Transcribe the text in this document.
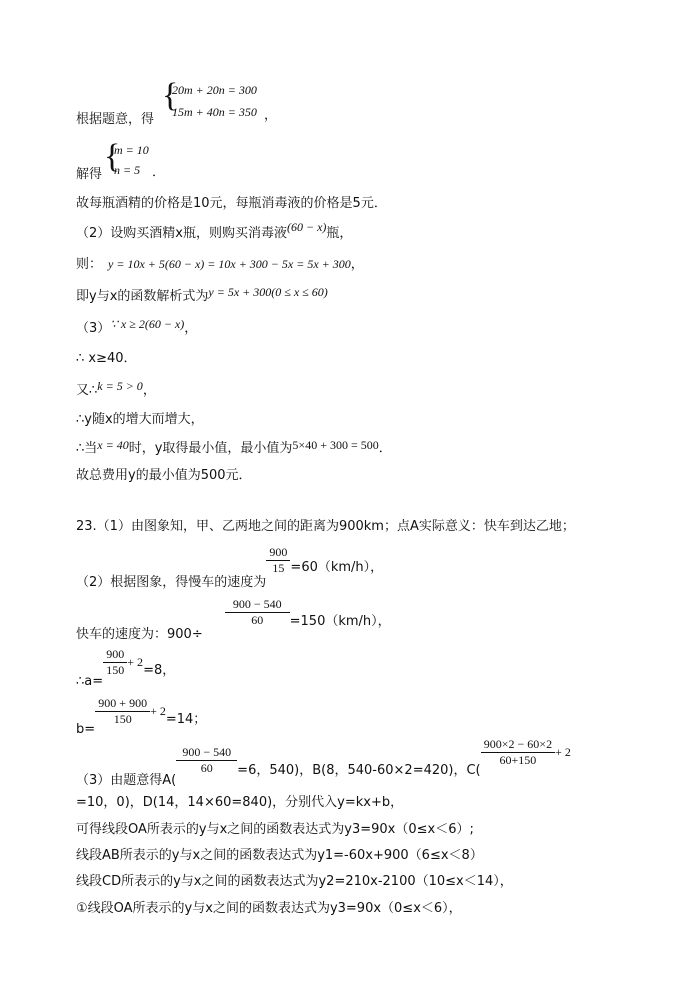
{
20m + 20n = 300
15m + 40n = 350
根据题意，得	，
{
m = 10
n = 5
解得	．
故每瓶酒精的价格是10元，每瓶消毒液的价格是5元．
（2）设购买酒精x瓶，则购买消毒液(60 − x)瓶，
则： y = 10x + 5(60 − x) = 10x + 300 − 5x = 5x + 300，
即y与x的函数解析式为y = 5x + 300(0 ≤ x ≤ 60)
（3）∵ x ≥ 2(60 − x)，
∴ x≥40．
又∴k = 5 > 0，
∴y随x的增大而增大，
∴当x = 40时，y取得最小值，最小值为5×40 + 300 = 500．
故总费用y的最小值为500元．
23.（1）由图象知，甲、乙两地之间的距离为900km；点A实际意义：快车到达乙地；
（2）根据图象，得慢车的速度为
$\frac{900}{15} =60(km/h)$，
快车的速度为：900÷
$\frac{900 - 540}{60} =150(km/h)$，
∴a=
$\frac{900}{150} + 2=8$，
b=
$\frac{900 + 900}{150} + 2=14$；
（3）由题意得A(
$\frac{900 - 540}{60} =6$，540)，B(8，540-60×2=420)，C(
$\frac{900\times 2 - 60\times 2}{60+150} + 2$
=10，0)，D(14，14×60=840)，分别代入y=kx+b，
可得线段OA所表示的y与x之间的函数表达式为y3=90x（0≤x＜6）;
线段AB所表示的y与x之间的函数表达式为y1=-60x+900（6≤x＜8）
线段CD所表示的y与x之间的函数表达式为y2=210x-2100（10≤x＜14），
①线段OA所表示的y与x之间的函数表达式为y3=90x（0≤x＜6），
